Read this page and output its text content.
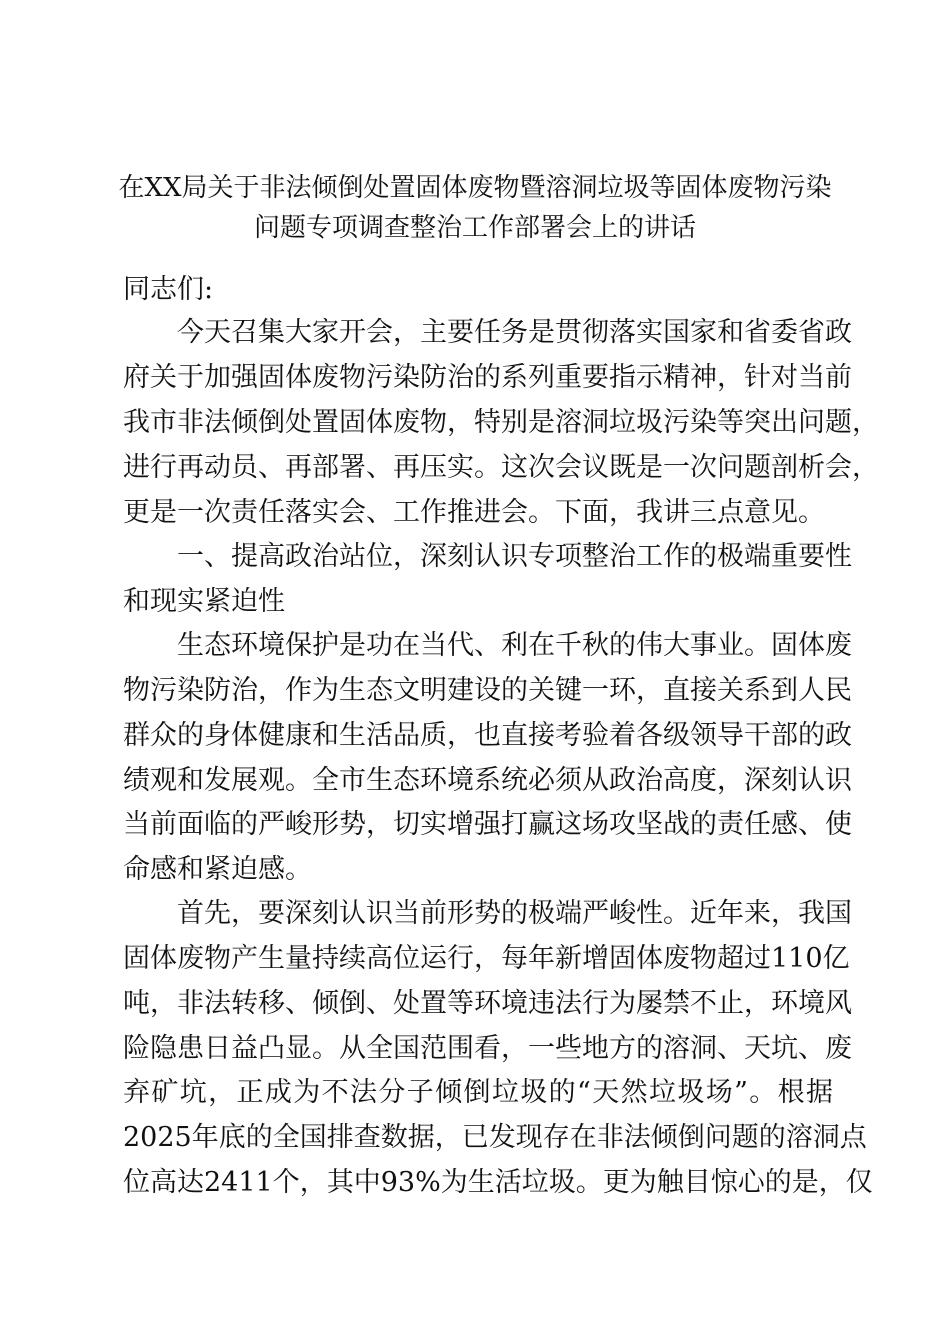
在XX局关于非法倾倒处置固体废物暨溶洞垃圾等固体废物污染
问题专项调查整治工作部署会上的讲话
同志们:
今天召集大家开会，主要任务是贯彻落实国家和省委省政
府关于加强固体废物污染防治的系列重要指示精神，针对当前
我市非法倾倒处置固体废物，特别是溶洞垃圾污染等突出问题，
进行再动员、再部署、再压实。这次会议既是一次问题剖析会，
更是一次责任落实会、工作推进会。下面，我讲三点意见。
一、提高政治站位，深刻认识专项整治工作的极端重要性
和现实紧迫性
生态环境保护是功在当代、利在千秋的伟大事业。固体废
物污染防治，作为生态文明建设的关键一环，直接关系到人民
群众的身体健康和生活品质，也直接考验着各级领导干部的政
绩观和发展观。全市生态环境系统必须从政治高度，深刻认识
当前面临的严峻形势，切实增强打赢这场攻坚战的责任感、使
命感和紧迫感。
首先，要深刻认识当前形势的极端严峻性。近年来，我国
固体废物产生量持续高位运行，每年新增固体废物超过110亿
吨，非法转移、倾倒、处置等环境违法行为屡禁不止，环境风
险隐患日益凸显。从全国范围看，一些地方的溶洞、天坑、废
弃矿坑，正成为不法分子倾倒垃圾的“天然垃圾场”。根据
2025年底的全国排查数据，已发现存在非法倾倒问题的溶洞点
位高达2411个，其中93%为生活垃圾。更为触目惊心的是，仅
